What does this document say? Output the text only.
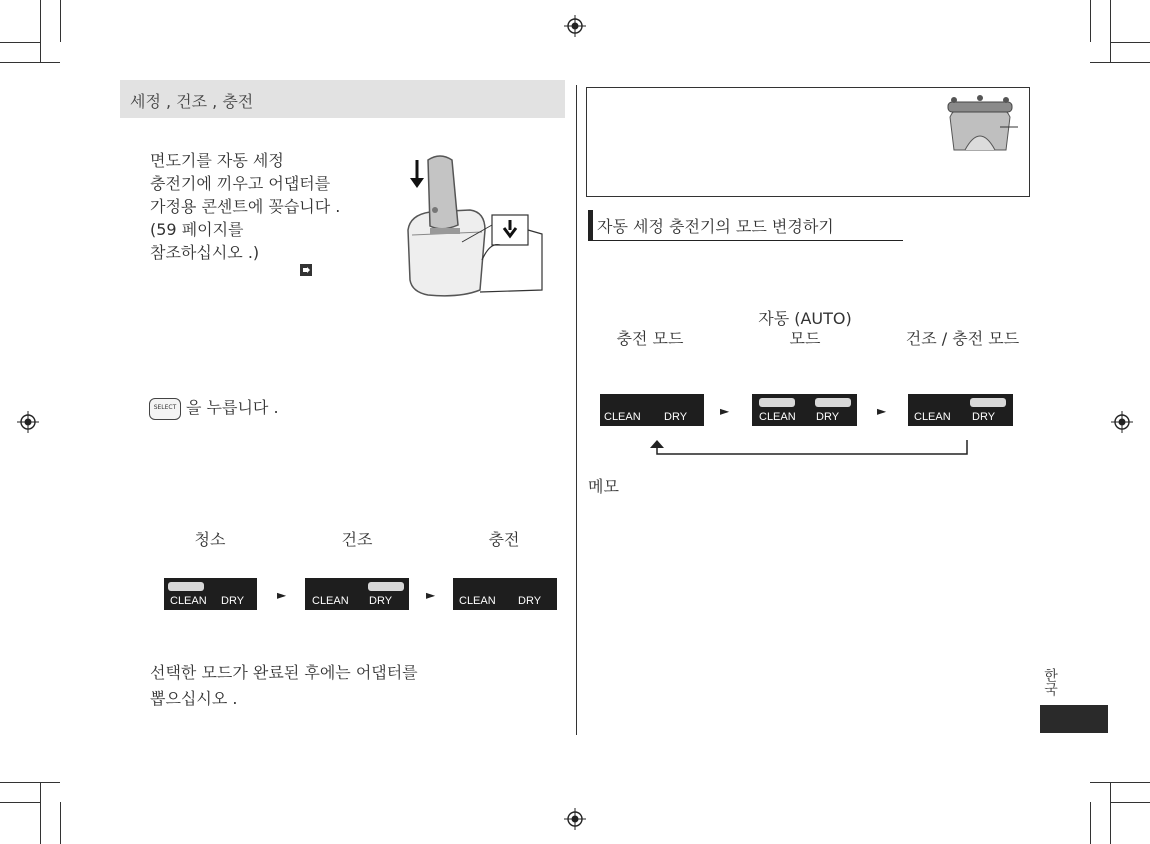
세정 , 건조 , 충전
면도기를 자동 세정
충전기에 끼우고 어댑터를
가정용 콘센트에 꽂습니다 .
(59 페이지를
참조하십시오 .)
SELECT 을 누릅니다 .
청소	건조	충전
CLEAN DRY	► CLEAN DRY	► CLEAN DRY
선택한 모드가 완료된 후에는 어댑터를
뽑으십시오 .
자동 세정 충전기의 모드 변경하기
충전 모드
자동 (AUTO)
모드	건조 / 충전 모드
CLEAN DRY	►	CLEAN DRY	►	CLEAN DRY
메모
한국
